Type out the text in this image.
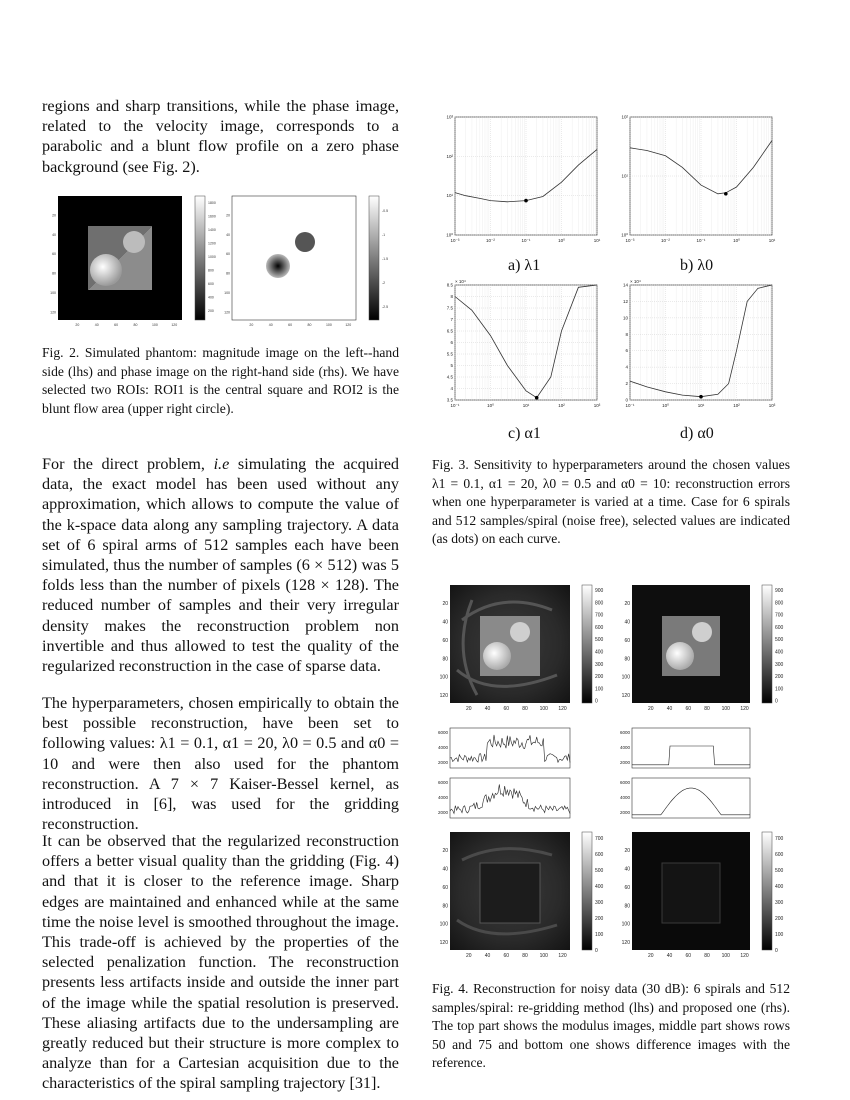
regions and sharp transitions, while the phase image, related to the velocity image, corresponds to a parabolic and a blunt flow profile on a zero phase background (see Fig. 2).

20
20
20
20
40
40
40
40
60
60
60
60
80
80
80
80
100
100
100
100
120
120
120
120
1800
1600
1400
1200
1000
800
600
400
200
-0.5
-1
-1.5
-2
-2.5

Fig. 2. Simulated phantom: magnitude image on the left--hand side (lhs) and phase image on the right-hand side (rhs). We have selected two ROIs: ROI1 is the central square and ROI2 is the blunt flow area (upper right circle).

For the direct problem, i.e simulating the acquired data, the exact model has been used without any approximation, which allows to compute the value of the k-space data along any sampling trajectory. A data set of 6 spiral arms of 512 samples each have been simulated, thus the number of samples (6 × 512) was 5 folds less than the number of pixels (128 × 128). The reduced number of samples and their very irregular density makes the reconstruction problem non invertible and thus allowed to test the quality of the regularized reconstruction in the case of sparse data.

The hyperparameters, chosen empirically to obtain the best possible reconstruction, have been set to following values: λ1 = 0.1, α1 = 20, λ0 = 0.5 and α0 = 10 and were then also used for the phantom reconstruction. A 7 × 7 Kaiser-Bessel kernel, as introduced in [6], was used for the gridding reconstruction.

It can be observed that the regularized reconstruction offers a better visual quality than the gridding (Fig. 4) and that it is closer to the reference image. Sharp edges are maintained and enhanced while at the same time the noise level is smoothed throughout the image. This trade-off is achieved by the properties of the selected penalization function. The reconstruction presents less artifacts inside and outside the inner part of the image while the spatial resolution is preserved. These aliasing artifacts due to the undersampling are greatly reduced but their structure is more complex to analyze than for a Cartesian acquisition due to the characteristics of the spiral sampling trajectory [31].

10⁻³	10⁻²	10⁻¹	10⁰	10¹
10³
10²
10¹
10⁰
10⁻³	10⁻²	10⁻¹	10⁰	10¹
10²
10¹
10⁰
10⁻¹	10⁰	10¹	10²	10³
8.5
8
7.5
7
6.5
6
5.5
5
4.5
4
3.5
× 10⁴
10⁻¹	10⁰	10¹	10²	10³
14
12
10
8
6
4
2
0
× 10⁴
a) λ1	b) λ0
c) α1	d) α0

Fig. 3. Sensitivity to hyperparameters around the chosen values λ1 = 0.1, α1 = 20, λ0 = 0.5 and α0 = 10: reconstruction errors when one hyperparameter is varied at a time. Case for 6 spirals and 512 samples/spiral (noise free), selected values are indicated (as dots) on each curve.

6000
4000
2000
6000
4000
2000
6000
4000
2000
6000
4000
2000
20
20
20
20
20
20
20
20
40
40
40
40
40
40
40
40
60
60
60
60
60
60
60
60
80
80
80
80
80
80
80
80
100
100
100
100
100
100
100
100
120
120
120
120
120
120
120
120
900	900
800	800
700	700
600	600
500	500
400	400
300	300
200	200
100	100
0	0
700	700
600	600
500	500
400	400
300	300
200	200
100	100
0	0

Fig. 4. Reconstruction for noisy data (30 dB): 6 spirals and 512 samples/spiral: re-gridding method (lhs) and proposed one (rhs). The top part shows the modulus images, middle part shows rows 50 and 75 and bottom one shows difference images with the reference.
